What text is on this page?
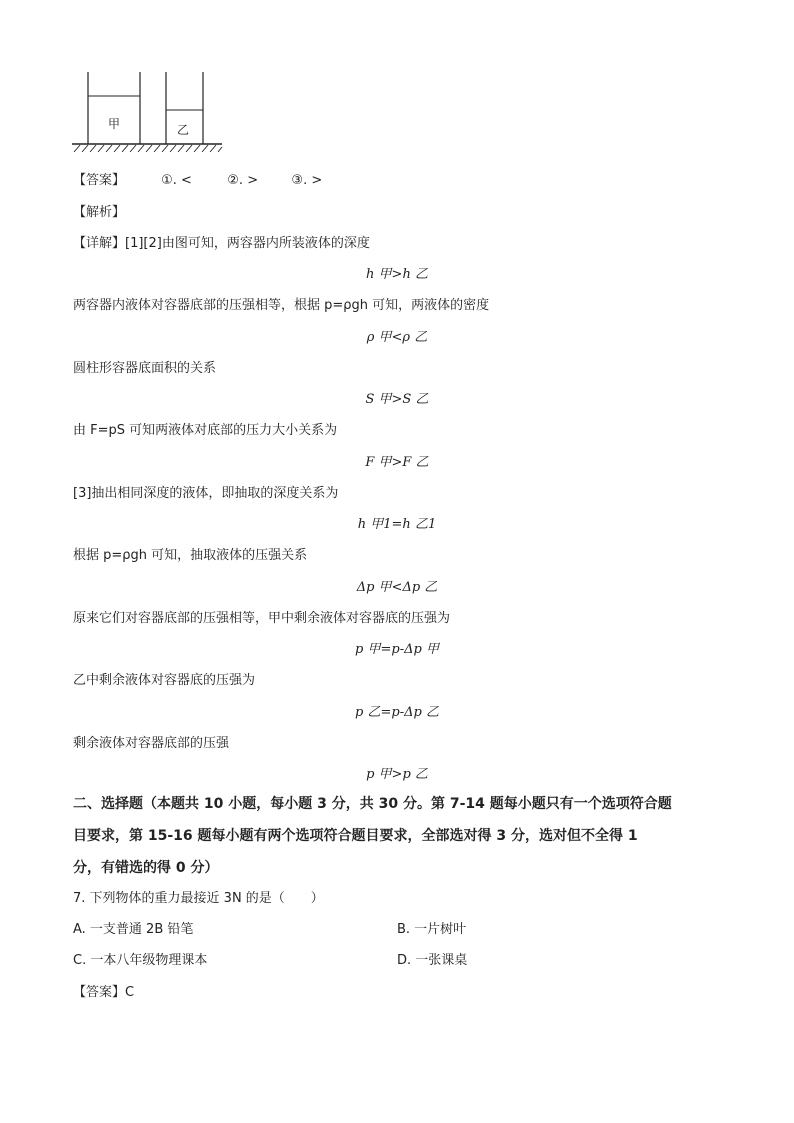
甲	乙
【答案】	①. <	②. >	③. >
【解析】
【详解】[1][2]由图可知，两容器内所装液体的深度
h 甲>h 乙
两容器内液体对容器底部的压强相等，根据 p=ρgh 可知，两液体的密度
ρ 甲<ρ 乙
圆柱形容器底面积的关系
S 甲>S 乙
由 F=pS 可知两液体对底部的压力大小关系为
F 甲>F 乙
[3]抽出相同深度的液体，即抽取的深度关系为
h 甲1=h 乙1
根据 p=ρgh 可知，抽取液体的压强关系
Δp 甲<Δp 乙
原来它们对容器底部的压强相等，甲中剩余液体对容器底的压强为
p 甲=p-Δp 甲
乙中剩余液体对容器底的压强为
p 乙=p-Δp 乙
剩余液体对容器底部的压强
p 甲>p 乙
二、选择题（本题共 10 小题，每小题 3 分，共 30 分。第 7-14 题每小题只有一个选项符合题
目要求，第 15-16 题每小题有两个选项符合题目要求，全部选对得 3 分，选对但不全得 1
分，有错选的得 0 分）
7. 下列物体的重力最接近 3N 的是（　　）
A. 一支普通 2B 铅笔	B. 一片树叶
C. 一本八年级物理课本	D. 一张课桌
【答案】C
